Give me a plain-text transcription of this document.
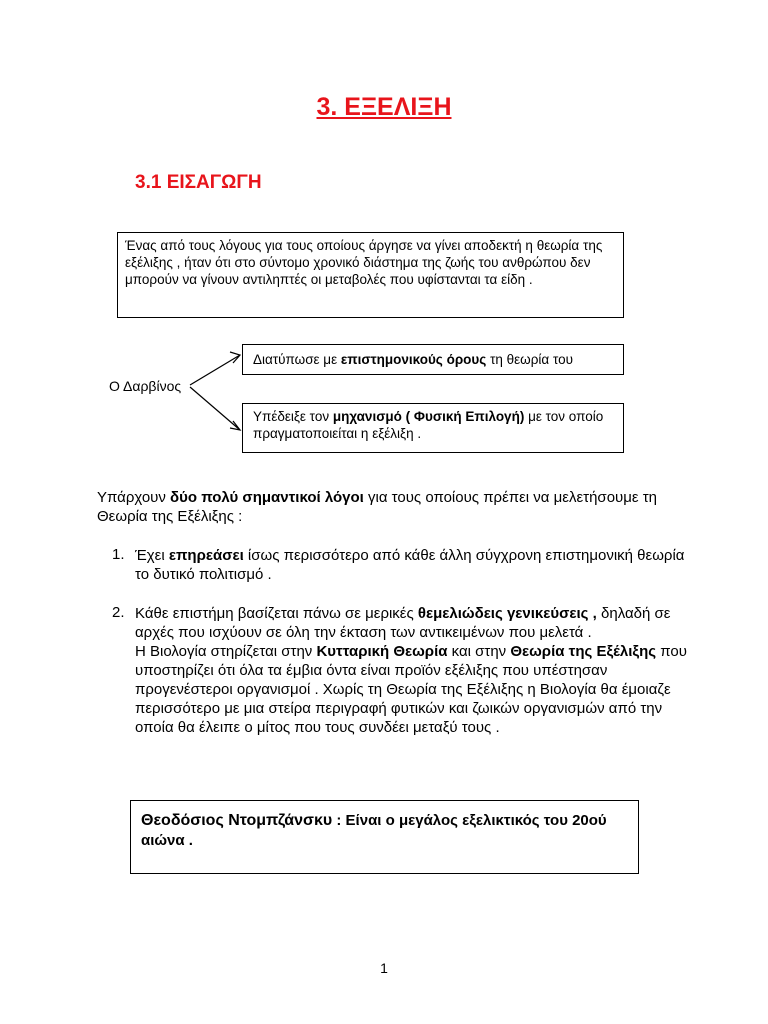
3. ΕΞΕΛΙΞΗ
3.1 ΕΙΣΑΓΩΓΗ
Ένας από τους λόγους για τους οποίους άργησε να γίνει αποδεκτή η θεωρία της εξέλιξης , ήταν ότι στο σύντομο χρονικό διάστημα της ζωής του ανθρώπου δεν μπορούν να γίνουν αντιληπτές οι μεταβολές που υφίστανται τα είδη .
Ο Δαρβίνος
Διατύπωσε με επιστημονικούς όρους τη θεωρία του
Υπέδειξε τον μηχανισμό ( Φυσική Επιλογή) με τον οποίο πραγματοποιείται η εξέλιξη .
Υπάρχουν δύο πολύ σημαντικοί λόγοι για τους οποίους πρέπει να μελετήσουμε τη Θεωρία της Εξέλιξης :
1. Έχει επηρεάσει ίσως περισσότερο από κάθε άλλη σύγχρονη επιστημονική θεωρία το δυτικό πολιτισμό .
2. Κάθε επιστήμη βασίζεται πάνω σε μερικές θεμελιώδεις γενικεύσεις , δηλαδή σε αρχές που ισχύουν σε όλη την έκταση των αντικειμένων που μελετά .
Η Βιολογία στηρίζεται στην Κυτταρική Θεωρία και στην Θεωρία της Εξέλιξης που υποστηρίζει ότι όλα τα έμβια όντα είναι προϊόν εξέλιξης που υπέστησαν προγενέστεροι οργανισμοί . Χωρίς τη Θεωρία της Εξέλιξης η Βιολογία θα έμοιαζε περισσότερο με μια στείρα περιγραφή φυτικών και ζωικών οργανισμών από την οποία θα έλειπε ο μίτος που τους συνδέει μεταξύ τους .
Θεοδόσιος Ντομπζάνσκυ : Είναι ο μεγάλος εξελικτικός του 20ού αιώνα .
1
